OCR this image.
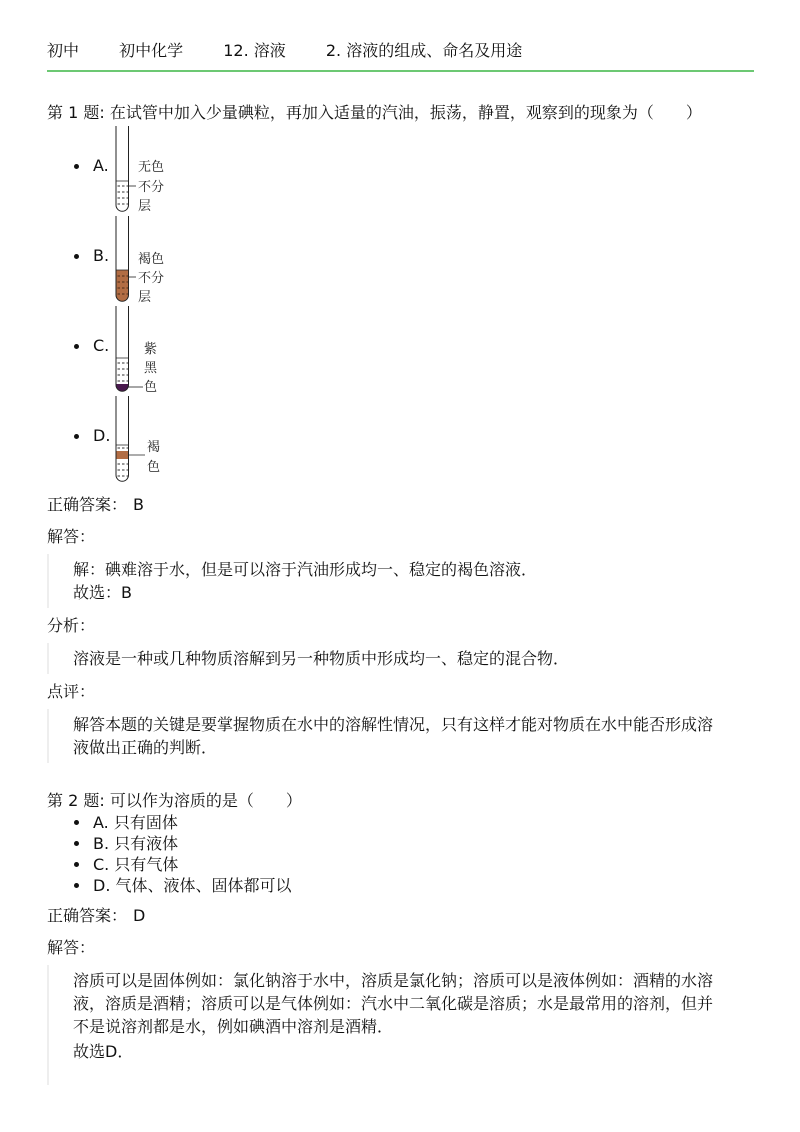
初中	初中化学	12. 溶液	2. 溶液的组成、命名及用途
第 1 题: 在试管中加入少量碘粒，再加入适量的汽油，振荡，静置，观察到的现象为（　　）
A.	无色
不分
层
B.	褐色
不分
层
C.	紫
黑
色
D.
褐
色
正确答案： B
解答：

解：碘难溶于水，但是可以溶于汽油形成均一、稳定的褐色溶液．

故选：B

分析：

溶液是一种或几种物质溶解到另一种物质中形成均一、稳定的混合物．

点评：

解答本题的关键是要掌握物质在水中的溶解性情况，只有这样才能对物质在水中能否形成溶液做出正确的判断．

第 2 题: 可以作为溶质的是（　　）
A. 只有固体
B. 只有液体
C. 只有气体
D. 气体、液体、固体都可以
正确答案： D
解答：

溶质可以是固体例如：氯化钠溶于水中，溶质是氯化钠；溶质可以是液体例如：酒精的水溶液，溶质是酒精；溶质可以是气体例如：汽水中二氧化碳是溶质；水是最常用的溶剂，但并不是说溶剂都是水，例如碘酒中溶剂是酒精．

故选D．
